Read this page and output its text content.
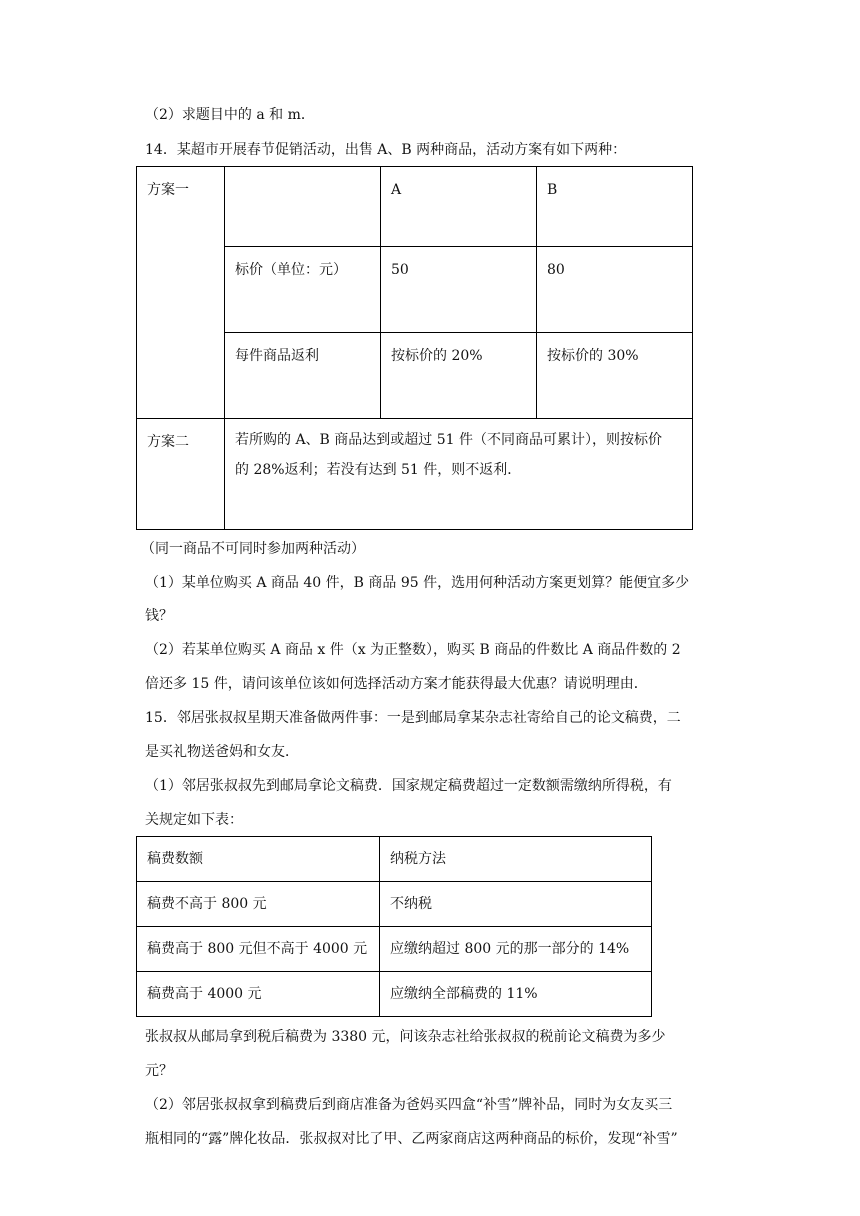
（2）求题目中的 a 和 m．
14．某超市开展春节促销活动，出售 A、B 两种商品，活动方案有如下两种：
方案一		A	B
	标价（单位：元）	50	80
	每件商品返利	按标价的 20%	按标价的 30%
方案二	若所购的 A、B 商品达到或超过 51 件（不同商品可累计），则按标价
的 28%返利；若没有达到 51 件，则不返利．		
（同一商品不可同时参加两种活动）
（1）某单位购买 A 商品 40 件，B 商品 95 件，选用何种活动方案更划算？能便宜多少
钱？
（2）若某单位购买 A 商品 x 件（x 为正整数），购买 B 商品的件数比 A 商品件数的 2
倍还多 15 件，请问该单位该如何选择活动方案才能获得最大优惠？请说明理由．
15．邻居张叔叔星期天准备做两件事：一是到邮局拿某杂志社寄给自己的论文稿费，二
是买礼物送爸妈和女友．
（1）邻居张叔叔先到邮局拿论文稿费．国家规定稿费超过一定数额需缴纳所得税，有
关规定如下表：
稿费数额	纳税方法
稿费不高于 800 元	不纳税
稿费高于 800 元但不高于 4000 元	应缴纳超过 800 元的那一部分的 14%
稿费高于 4000 元	应缴纳全部稿费的 11%
张叔叔从邮局拿到税后稿费为 3380 元，问该杂志社给张叔叔的税前论文稿费为多少
元？
（2）邻居张叔叔拿到稿费后到商店准备为爸妈买四盒“补雪”牌补品，同时为女友买三
瓶相同的“露”牌化妆品．张叔叔对比了甲、乙两家商店这两种商品的标价，发现“补雪”
